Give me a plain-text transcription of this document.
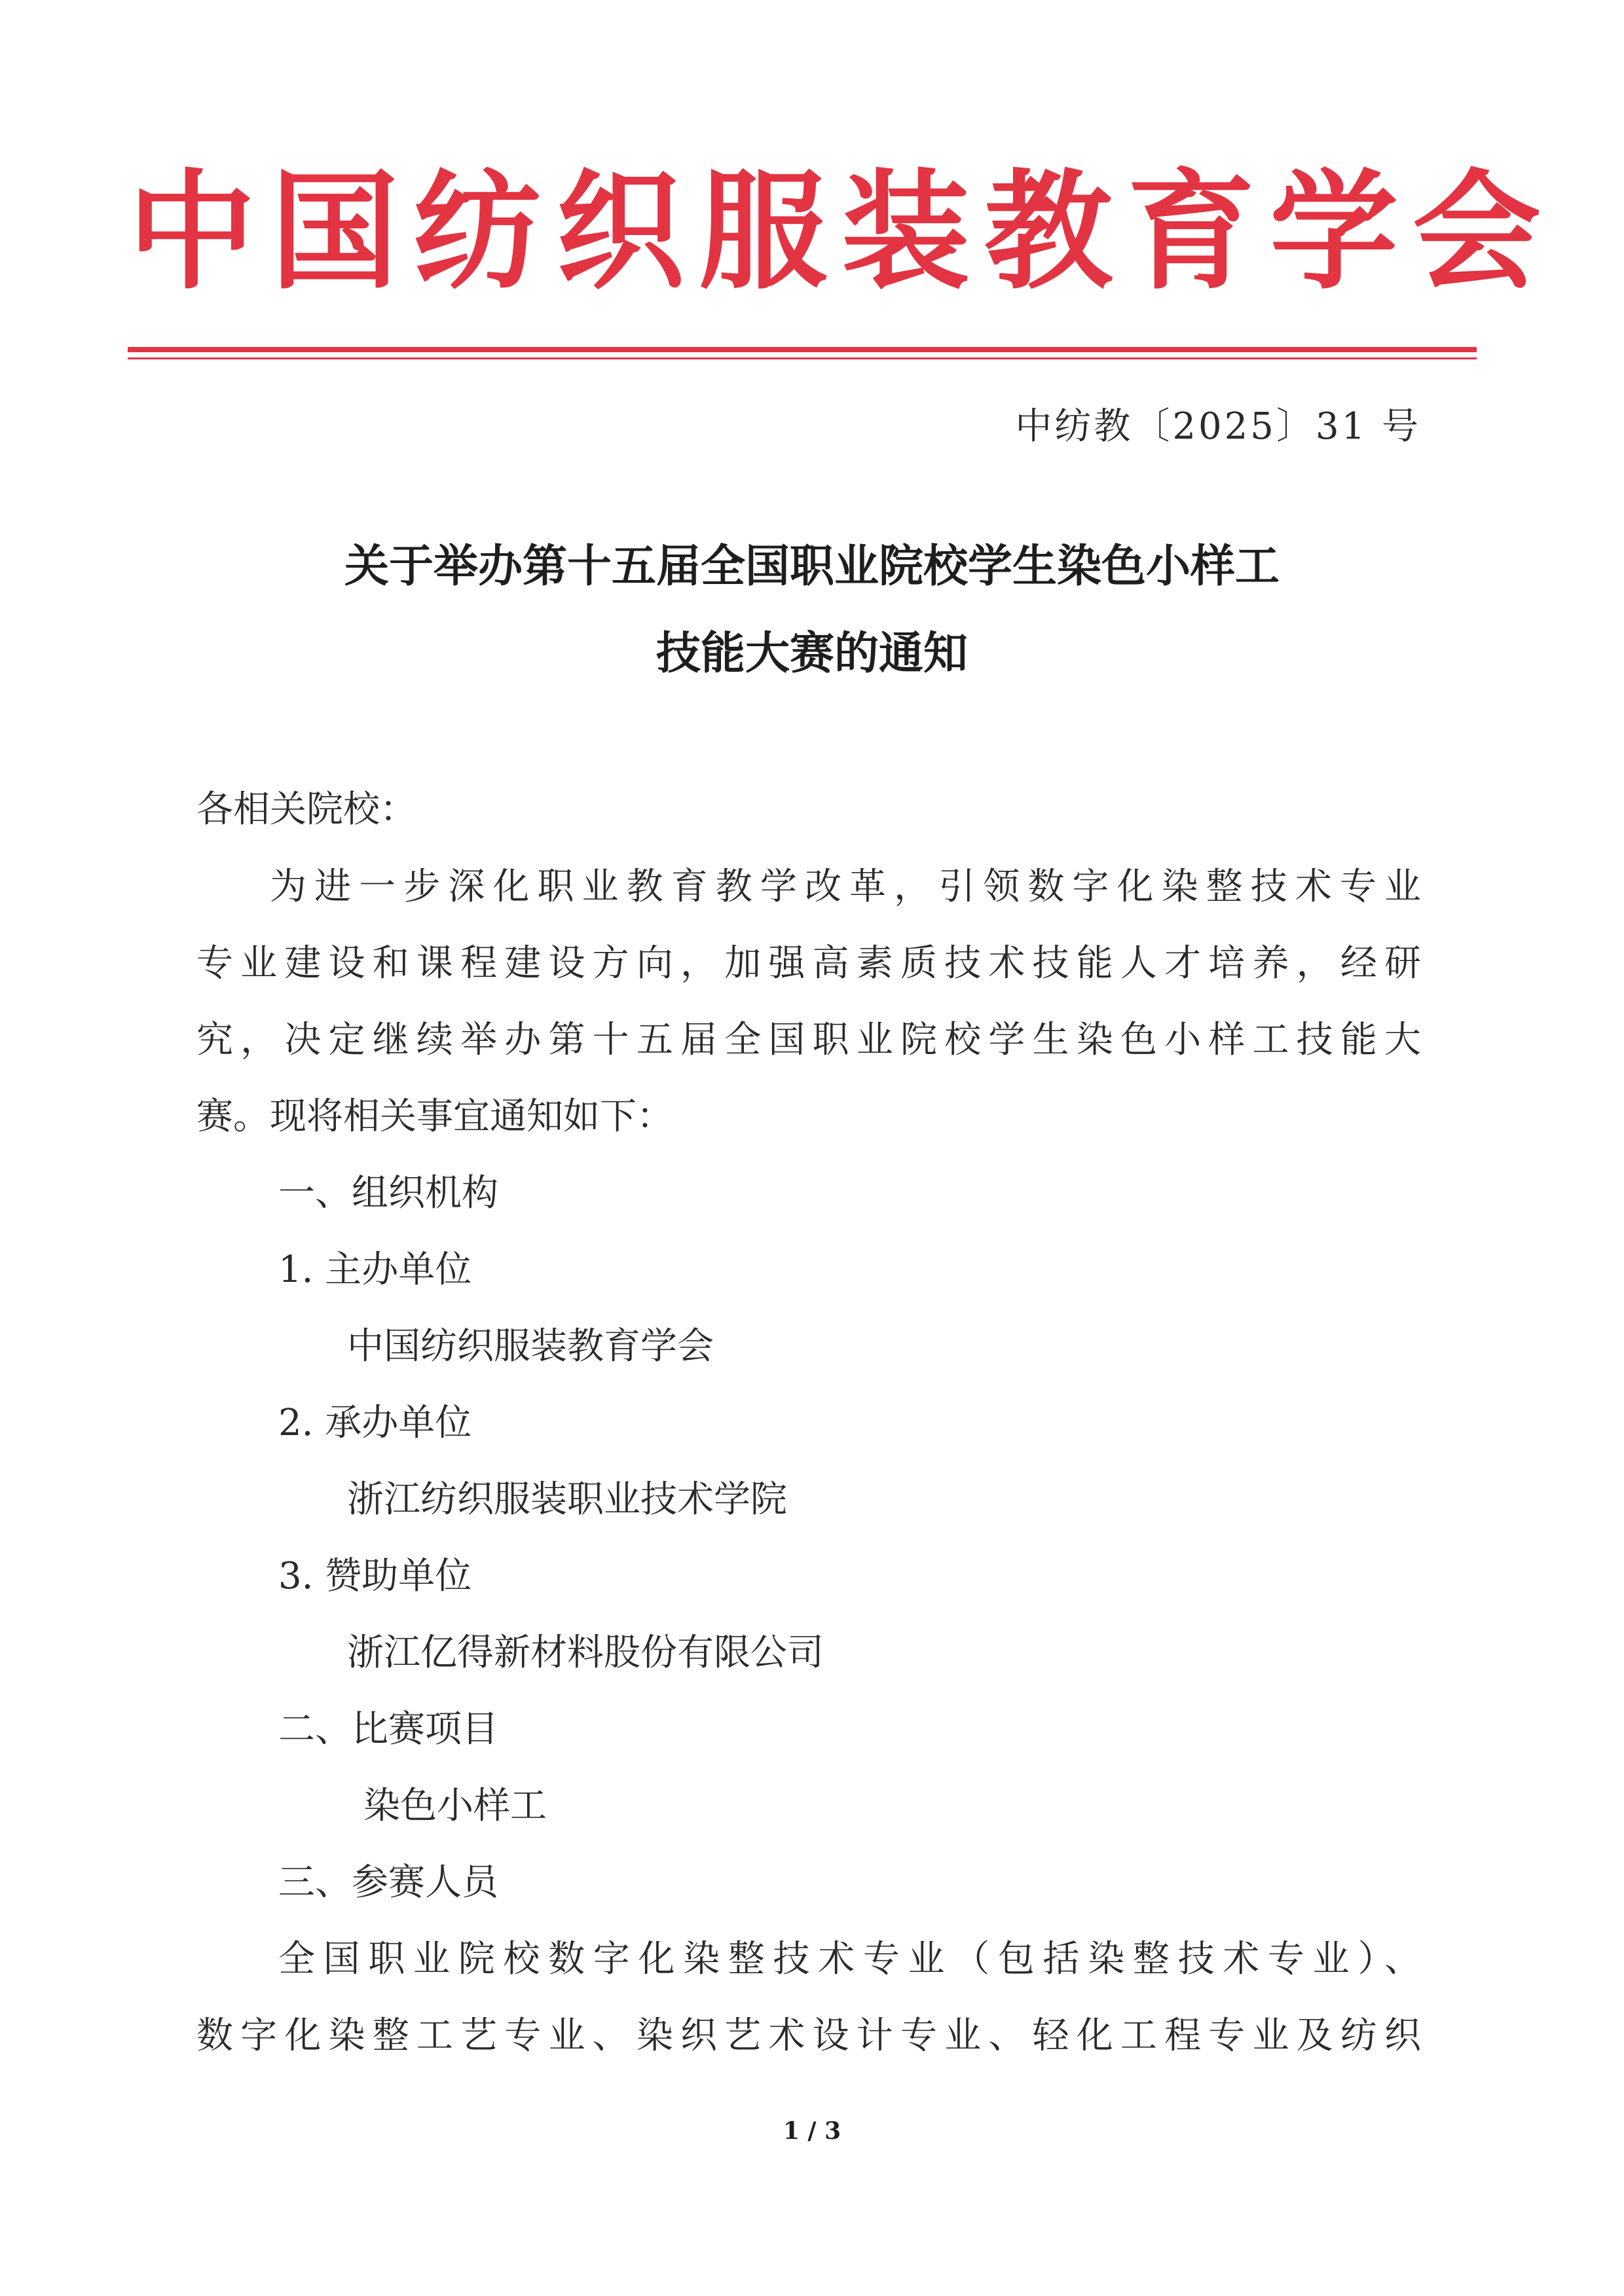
中国纺织服装教育学会
中纺教〔2025〕31 号
关于举办第十五届全国职业院校学生染色小样工
技能大赛的通知
各相关院校：
为进一步深化职业教育教学改革，引领数字化染整技术专业
专业建设和课程建设方向，加强高素质技术技能人才培养，经研
究，决定继续举办第十五届全国职业院校学生染色小样工技能大
赛。现将相关事宜通知如下：
一、组织机构
1. 主办单位
中国纺织服装教育学会
2. 承办单位
浙江纺织服装职业技术学院
3. 赞助单位
浙江亿得新材料股份有限公司
二、比赛项目
染色小样工
三、参赛人员
全国职业院校数字化染整技术专业（包括染整技术专业）、
数字化染整工艺专业、染织艺术设计专业、轻化工程专业及纺织
1 / 3
